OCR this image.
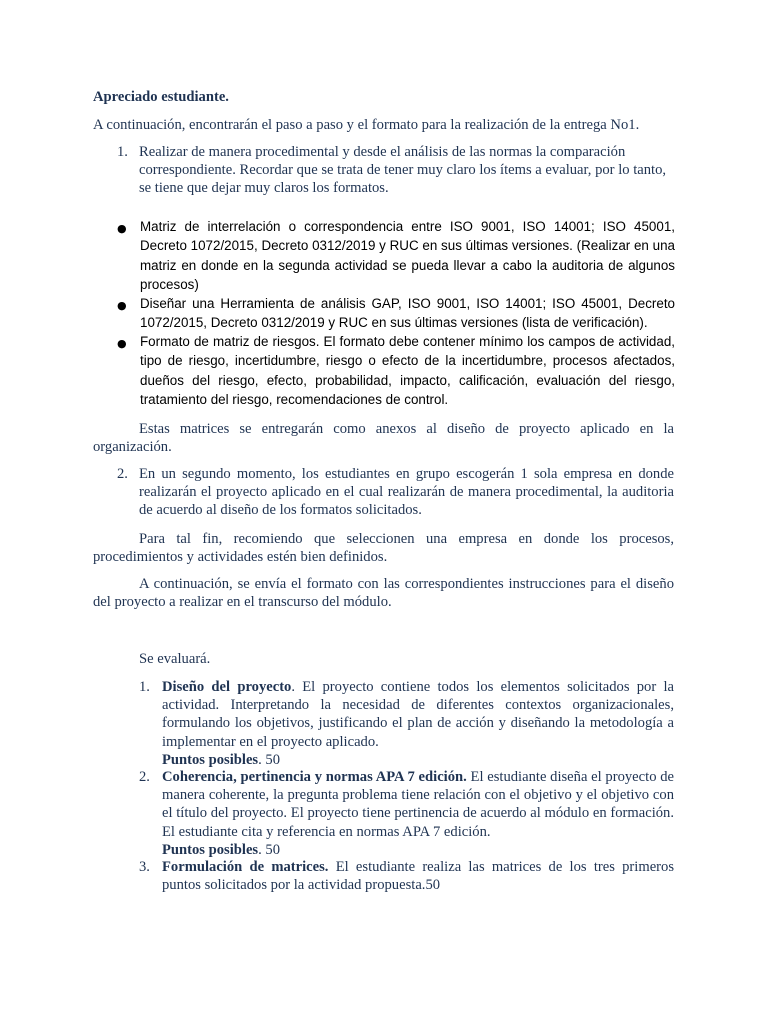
Apreciado estudiante.

A continuación, encontrarán el paso a paso y el formato para la realización de la entrega No1.

1. Realizar de manera procedimental y desde el análisis de las normas la comparación correspondiente. Recordar que se trata de tener muy claro los ítems a evaluar, por lo tanto, se tiene que dejar muy claros los formatos.

● Matriz de interrelación o correspondencia entre ISO 9001, ISO 14001; ISO 45001, Decreto 1072/2015, Decreto 0312/2019 y RUC en sus últimas versiones. (Realizar en una matriz en donde en la segunda actividad se pueda llevar a cabo la auditoria de algunos procesos)

● Diseñar una Herramienta de análisis GAP, ISO 9001, ISO 14001; ISO 45001, Decreto 1072/2015, Decreto 0312/2019 y RUC en sus últimas versiones (lista de verificación).

● Formato de matriz de riesgos. El formato debe contener mínimo los campos de actividad, tipo de riesgo, incertidumbre, riesgo o efecto de la incertidumbre, procesos afectados, dueños del riesgo, efecto, probabilidad, impacto, calificación, evaluación del riesgo, tratamiento del riesgo, recomendaciones de control.

Estas matrices se entregarán como anexos al diseño de proyecto aplicado en la organización.

2. En un segundo momento, los estudiantes en grupo escogerán 1 sola empresa en donde realizarán el proyecto aplicado en el cual realizarán de manera procedimental, la auditoria de acuerdo al diseño de los formatos solicitados.

Para tal fin, recomiendo que seleccionen una empresa en donde los procesos, procedimientos y actividades estén bien definidos.

A continuación, se envía el formato con las correspondientes instrucciones para el diseño del proyecto a realizar en el transcurso del módulo.

Se evaluará.

1. Diseño del proyecto. El proyecto contiene todos los elementos solicitados por la actividad. Interpretando la necesidad de diferentes contextos organizacionales, formulando los objetivos, justificando el plan de acción y diseñando la metodología a implementar en el proyecto aplicado.
Puntos posibles. 50
2. Coherencia, pertinencia y normas APA 7 edición. El estudiante diseña el proyecto de manera coherente, la pregunta problema tiene relación con el objetivo y el objetivo con el título del proyecto. El proyecto tiene pertinencia de acuerdo al módulo en formación. El estudiante cita y referencia en normas APA 7 edición.
Puntos posibles. 50
3. Formulación de matrices. El estudiante realiza las matrices de los tres primeros puntos solicitados por la actividad propuesta.50
